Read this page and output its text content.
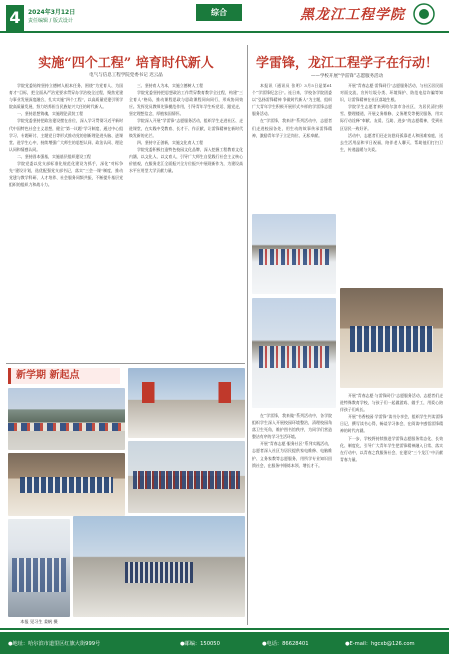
4	2024年3月12日
责任编辑 / 版式设计
综合	黑龙江工程学院
实施“四个工程” 培育时代新人
电气与信息工程学院党委书记 迟云晶

学院党委始终坚持立德树人根本任务，围绕“为党育人、为国育才”目标，把全面从严治党要求贯穿办学治校全过程，聚焦党建与事业发展深度融合，扎实实施“四个工程”，以高质量党建引领学院高质量发展，努力培养担当民族复兴大任的时代新人。

一、坚持思想铸魂，实施理论武装工程

学院党委坚持把政治建设摆在首位，深入学习贯彻习近平新时代中国特色社会主义思想，健全“第一议题”学习制度，通过中心组学习、专题研讨、主题党日等形式推动党的创新理论进头脑、进课堂、进学生心中，持续增强广大师生的思想认同、政治认同、理论认同和情感认同。

二、坚持固本强基，实施基层组织建设工程

学院党委以党支部标准化规范化建设为抓手，深化“对标争先”建设计划，选优配强党支部书记，落实“三会一课”制度，推动党建与教学科研、人才培养、社会服务同频共振，不断提升基层党组织的组织力和战斗力。

三、坚持育人为本，实施立德树人工程

学院党委坚持把思想政治工作贯穿教育教学全过程，构建“三全育人”格局，推动课程思政与思政课程同向同行，形成协同效应。发挥党员教师先锋模范作用，引导青年学生听党话、跟党走，坚定理想信念，厚植家国情怀。

学院深入开展“学雷锋”志愿服务活动，组织学生走进社区、走进课堂，在实践中受教育、长才干、作贡献，让雷锋精神在新时代焕发新的光芒。

四、坚持守正创新，实施文化育人工程

学院党委积极打造特色校园文化品牌，深入挖掘工程教育文化内涵，以文化人、以文育人，引导广大师生自觉践行社会主义核心价值观，在服务龙江全面振兴全方位振兴中展现新作为，为建设高水平应用型大学贡献力量。

新学期 新起点
本报 见习生 姜帆 摄
学雷锋，龙江工程学子在行动！
——学校开展“学雷锋”志愿服务活动

本报讯（通讯员 张明）3月5日是第61个“学雷锋纪念日”。连日来，学校各学院团委以“弘扬雷锋精神 争做时代新人”为主题，组织广大青年学生积极开展形式多样的学雷锋志愿服务活动。

在“学雷锋，我来讲”系列活动中，志愿者们走进校园各处，用生动的故事传承雷锋精神，激励青年学子立足岗位、无私奉献。

开展“青春志愿·雷锋同行”志愿服务活动，与社区居民面对面交流，宣传垃圾分类、环境保护、防范电信诈骗等知识，让雷锋精神在社区落地生根。

学院学生志愿者来到哈尔滨市各社区，为居民清扫积雪、整理楼道，开展义务维修、义务理发等便民服务，用实际行动诠释“奉献、友爱、互助、进步”的志愿精神，受到社区居民一致好评。

活动中，志愿者们还走访慰问孤寡老人和困难家庭，送去生活用品和节日祝福，陪伴老人聊天，帮助他们打扫卫生，传递温暖与关爱。

在“学雷锋，我来做”系列活动中，各学院组织学生深入开展校园环境整治，清理校园角落卫生死角，维护图书馆秩序，为同学们营造整洁有序的学习生活环境。

开展“青春志愿·服务社区”系列实践活动，志愿者深入社区为居民提供家电维修、电脑维护、义务家教等志愿服务，用所学专业知识回馈社会，在服务中锤炼本领、增长才干。

开展“青春志愿·与雷锋同行”志愿服务活动，志愿者们走进特殊教育学校，与孩子们一起做游戏、做手工，用爱心陪伴孩子们成长。

开展“书香校园·学雷锋”读书分享会，组织学生共读雷锋日记，撰写读书心得，畅谈学习体会，在阅读中感悟雷锋精神的时代内涵。

下一步，学校将持续推进学雷锋志愿服务常态化、长效化、制度化，引导广大青年学生把雷锋精神融入日常、落实在行动中，以青春之我服务社会，在建设“三个龙江”中贡献青春力量。

●地址：哈尔滨市道里区红旗大街999号	●邮编：150050	●电话：86628401	●E-mail：hgcxb@126.com
